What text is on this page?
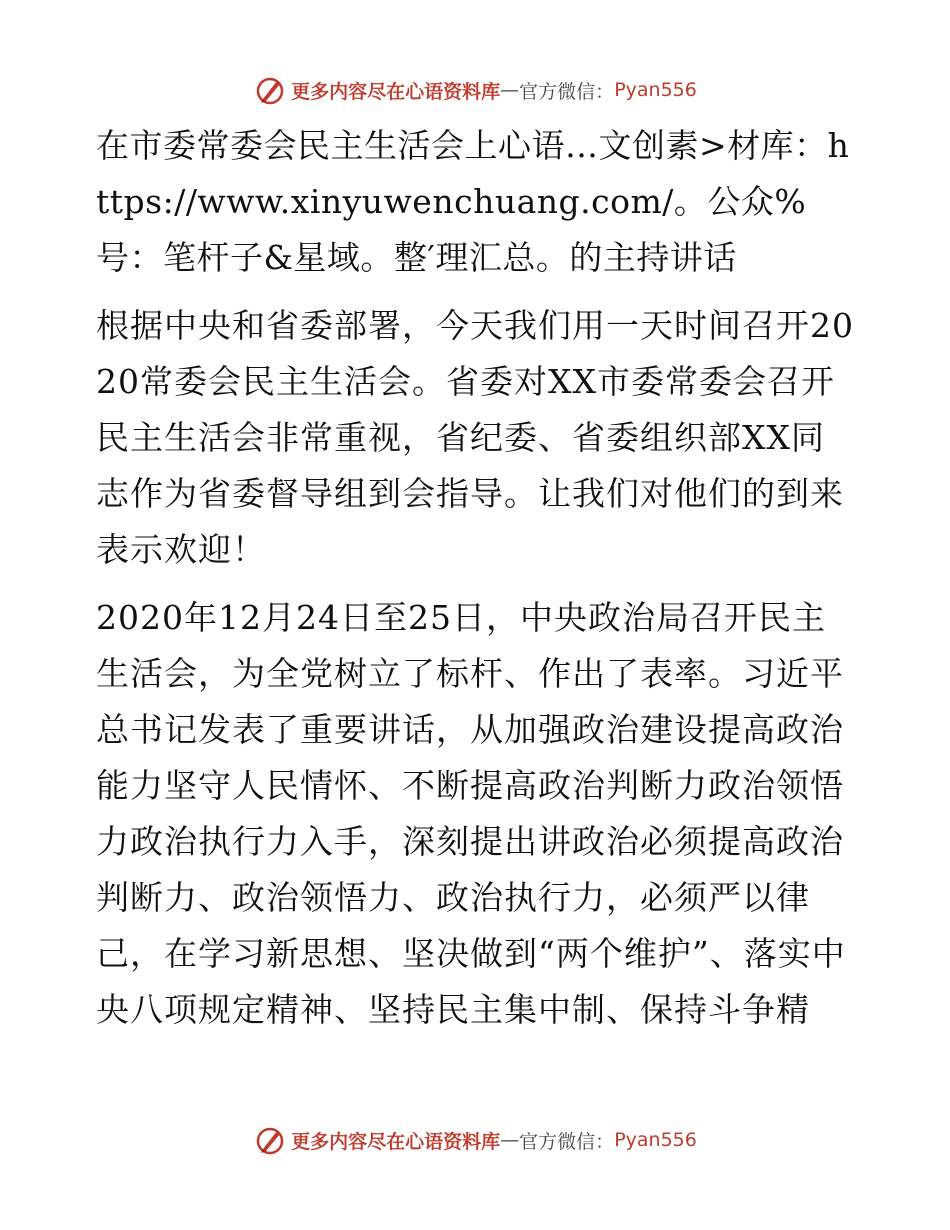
更多内容尽在心语资料库 — 官方微信： Pyan556

在市委常委会民主生活会上心语…文创素>材库：https://www.xinyuwenchuang.com/。公众%号：笔杆子&星域。整′理汇总。的主持讲话

根据中央和省委部署，今天我们用一天时间召开2020常委会民主生活会。省委对XX市委常委会召开民主生活会非常重视，省纪委、省委组织部XX同志作为省委督导组到会指导。让我们对他们的到来表示欢迎！

2020年12月24日至25日，中央政治局召开民主生活会，为全党树立了标杆、作出了表率。习近平总书记发表了重要讲话，从加强政治建设提高政治能力坚守人民情怀、不断提高政治判断力政治领悟力政治执行力入手，深刻提出讲政治必须提高政治判断力、政治领悟力、政治执行力，必须严以律己，在学习新思想、坚决做到“两个维护”、落实中央八项规定精神、坚持民主集中制、保持斗争精

更多内容尽在心语资料库 — 官方微信： Pyan556
